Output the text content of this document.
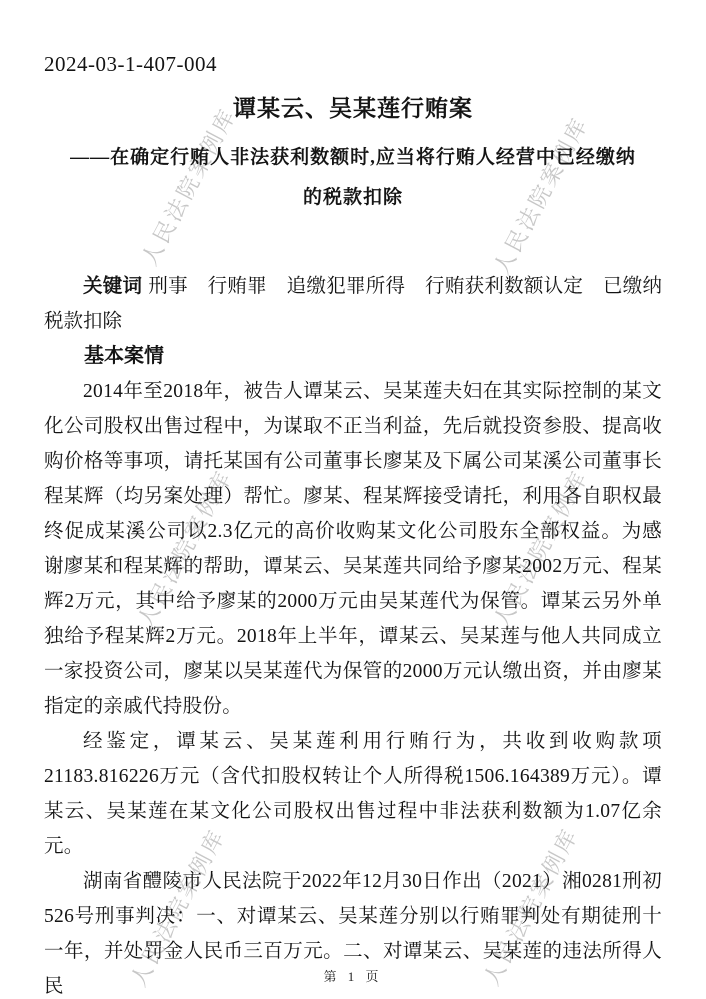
人民法院案例库	人民法院案例库
人民法院案例库	人民法院案例库
人民法院案例库	人民法院案例库
2024-03-1-407-004
谭某云、吴某莲行贿案
——在确定行贿人非法获利数额时,应当将行贿人经营中已经缴纳的税款扣除

关键词 刑事　行贿罪　追缴犯罪所得　行贿获利数额认定　已缴纳税款扣除

基本案情

2014年至2018年，被告人谭某云、吴某莲夫妇在其实际控制的某文化公司股权出售过程中，为谋取不正当利益，先后就投资参股、提高收购价格等事项，请托某国有公司董事长廖某及下属公司某溪公司董事长程某辉（均另案处理）帮忙。廖某、程某辉接受请托，利用各自职权最终促成某溪公司以2.3亿元的高价收购某文化公司股东全部权益。为感谢廖某和程某辉的帮助，谭某云、吴某莲共同给予廖某2002万元、程某辉2万元，其中给予廖某的2000万元由吴某莲代为保管。谭某云另外单独给予程某辉2万元。2018年上半年，谭某云、吴某莲与他人共同成立一家投资公司，廖某以吴某莲代为保管的2000万元认缴出资，并由廖某指定的亲戚代持股份。

经鉴定，谭某云、吴某莲利用行贿行为，共收到收购款项21183.816226万元（含代扣股权转让个人所得税1506.164389万元）。谭某云、吴某莲在某文化公司股权出售过程中非法获利数额为1.07亿余元。

湖南省醴陵市人民法院于2022年12月30日作出（2021）湘0281刑初526号刑事判决：一、对谭某云、吴某莲分别以行贿罪判处有期徒刑十一年，并处罚金人民币三百万元。二、对谭某云、吴某莲的违法所得人民	第 1 页
